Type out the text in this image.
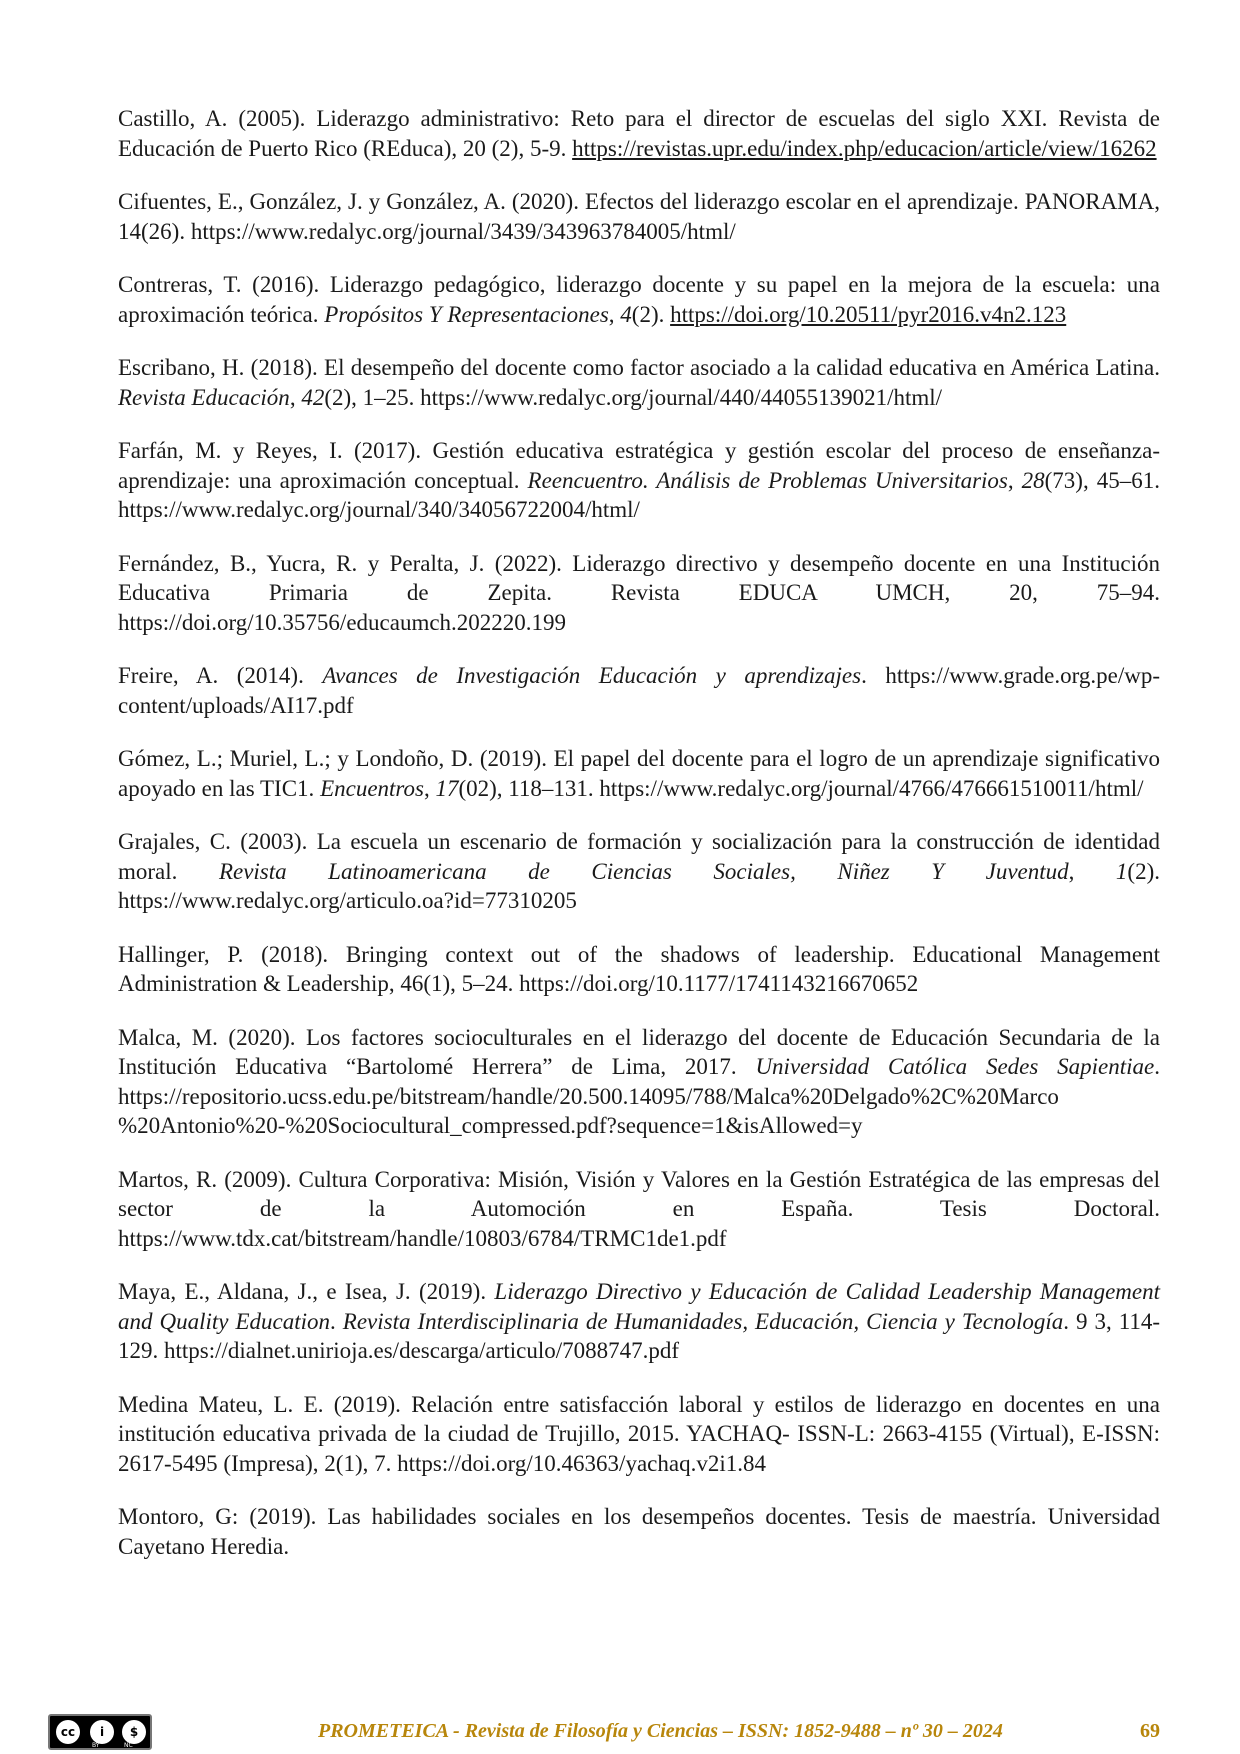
Castillo, A. (2005). Liderazgo administrativo: Reto para el director de escuelas del siglo XXI. Revista de Educación de Puerto Rico (REduca), 20 (2), 5-9. https://revistas.upr.edu/index.php/educacion/article/view/16262

Cifuentes, E., González, J. y González, A. (2020). Efectos del liderazgo escolar en el aprendizaje. PANORAMA, 14(26). https://www.redalyc.org/journal/3439/343963784005/html/

Contreras, T. (2016). Liderazgo pedagógico, liderazgo docente y su papel en la mejora de la escuela: una aproximación teórica. Propósitos Y Representaciones, 4(2). https://doi.org/10.20511/pyr2016.v4n2.123

Escribano, H. (2018). El desempeño del docente como factor asociado a la calidad educativa en América Latina. Revista Educación, 42(2), 1–25. https://www.redalyc.org/journal/440/44055139021/html/

Farfán, M. y Reyes, I. (2017). Gestión educativa estratégica y gestión escolar del proceso de enseñanza-aprendizaje: una aproximación conceptual. Reencuentro. Análisis de Problemas Universitarios, 28(73), 45–61. https://www.redalyc.org/journal/340/34056722004/html/

Fernández, B., Yucra, R. y Peralta, J. (2022). Liderazgo directivo y desempeño docente en una Institución Educativa Primaria de Zepita. Revista EDUCA UMCH, 20, 75–94. https://doi.org/10.35756/educaumch.202220.199

Freire, A. (2014). Avances de Investigación Educación y aprendizajes. https://www.grade.org.pe/wp-content/uploads/AI17.pdf

Gómez, L.; Muriel, L.; y Londoño, D. (2019). El papel del docente para el logro de un aprendizaje significativo apoyado en las TIC1. Encuentros, 17(02), 118–131. https://www.redalyc.org/journal/4766/476661510011/html/

Grajales, C. (2003). La escuela un escenario de formación y socialización para la construcción de identidad moral. Revista Latinoamericana de Ciencias Sociales, Niñez Y Juventud, 1(2). https://www.redalyc.org/articulo.oa?id=77310205

Hallinger, P. (2018). Bringing context out of the shadows of leadership. Educational Management Administration & Leadership, 46(1), 5–24. https://doi.org/10.1177/1741143216670652

Malca, M. (2020). Los factores socioculturales en el liderazgo del docente de Educación Secundaria de la Institución Educativa “Bartolomé Herrera” de Lima, 2017. Universidad Católica Sedes Sapientiae. https://repositorio.ucss.edu.pe/bitstream/handle/20.500.14095/788/Malca%20Delgado%2C%20Marco %20Antonio%20-%20Sociocultural_compressed.pdf?sequence=1&isAllowed=y

Martos, R. (2009). Cultura Corporativa: Misión, Visión y Valores en la Gestión Estratégica de las empresas del sector de la Automoción en España. Tesis Doctoral. https://www.tdx.cat/bitstream/handle/10803/6784/TRMC1de1.pdf

Maya, E., Aldana, J., e Isea, J. (2019). Liderazgo Directivo y Educación de Calidad Leadership Management and Quality Education. Revista Interdisciplinaria de Humanidades, Educación, Ciencia y Tecnología. 9 3, 114-129. https://dialnet.unirioja.es/descarga/articulo/7088747.pdf

Medina Mateu, L. E. (2019). Relación entre satisfacción laboral y estilos de liderazgo en docentes en una institución educativa privada de la ciudad de Trujillo, 2015. YACHAQ- ISSN-L: 2663-4155 (Virtual), E-ISSN: 2617-5495 (Impresa), 2(1), 7. https://doi.org/10.46363/yachaq.v2i1.84

Montoro, G: (2019). Las habilidades sociales en los desempeños docentes. Tesis de maestría. Universidad Cayetano Heredia.

cc	i	$
BY	NC
PROMETEICA - Revista de Filosofía y Ciencias – ISSN: 1852-9488 – nº 30 – 2024	69
